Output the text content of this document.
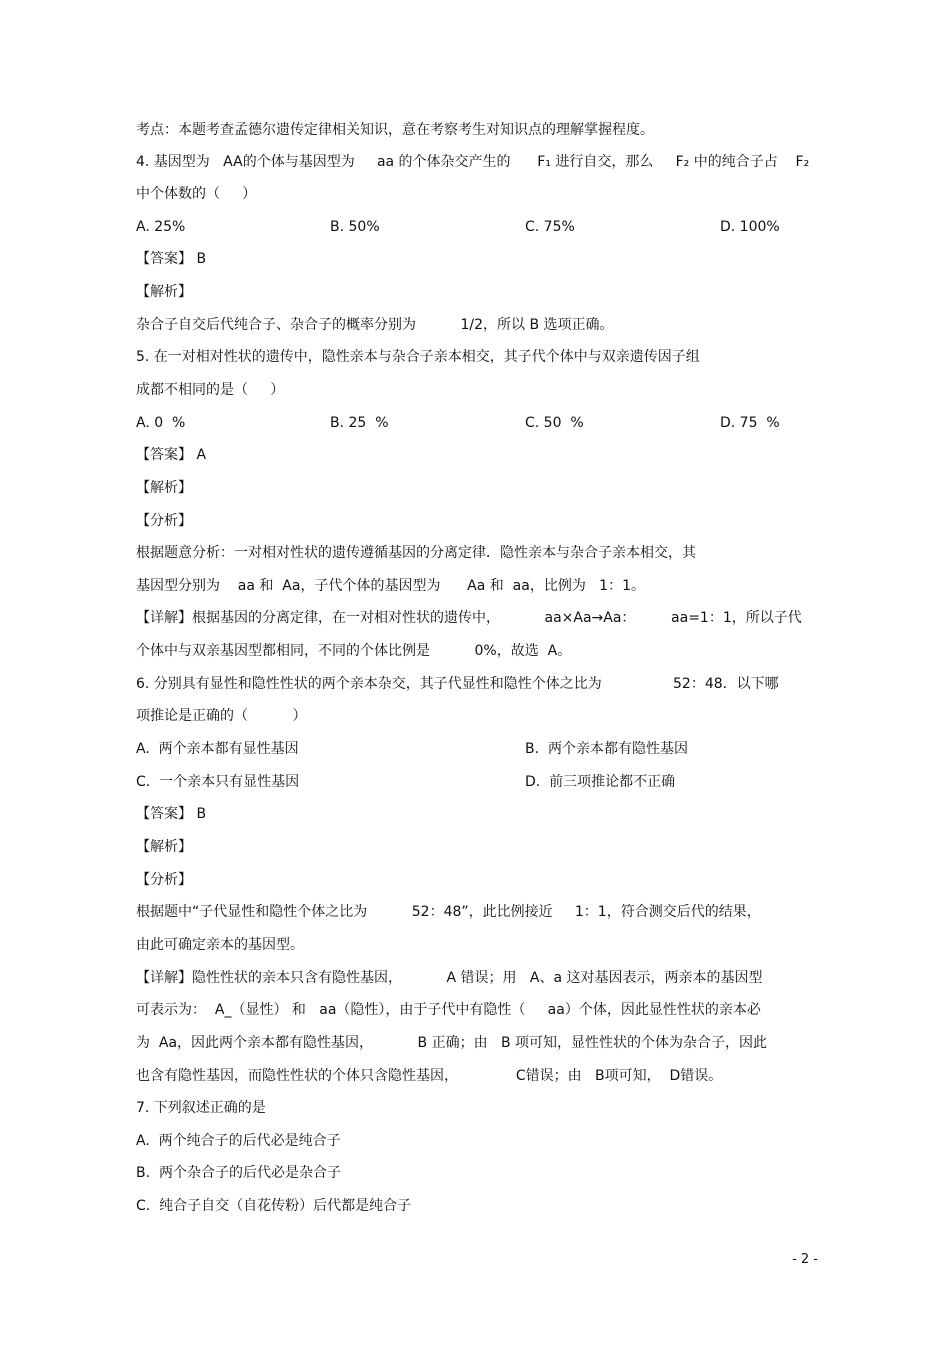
考点：本题考查孟德尔遗传定律相关知识，意在考察考生对知识点的理解掌握程度。
4. 基因型为   AA的个体与基因型为     aa 的个体杂交产生的      F₁ 进行自交，那么     F₂ 中的纯合子占    F₂
中个体数的（     ）
A. 25%	B. 50%	C. 75%	D. 100%
【答案】 B
【解析】
杂合子自交后代纯合子、杂合子的概率分别为          1/2，所以 B 选项正确。
5. 在一对相对性状的遗传中，隐性亲本与杂合子亲本相交，其子代个体中与双亲遗传因子组
成都不相同的是（     ）
A. 0  %	B. 25  %	C. 50  %	D. 75  %
【答案】 A
【解析】
【分析】
根据题意分析：一对相对性状的遗传遵循基因的分离定律．隐性亲本与杂合子亲本相交，其
基因型分别为    aa 和  Aa，子代个体的基因型为      Aa 和  aa，比例为   1：1。
【详解】根据基因的分离定律，在一对相对性状的遗传中，          aa×Aa→Aa：        aa=1：1，所以子代
个体中与双亲基因型都相同，不同的个体比例是          0%，故选  A。
6. 分别具有显性和隐性性状的两个亲本杂交，其子代显性和隐性个体之比为                52：48．以下哪
项推论是正确的（          ）
A.  两个亲本都有显性基因	B.  两个亲本都有隐性基因
C.  一个亲本只有显性基因	D.  前三项推论都不正确
【答案】 B
【解析】
【分析】
根据题中“子代显性和隐性个体之比为          52：48”，此比例接近     1：1，符合测交后代的结果，
由此可确定亲本的基因型。
【详解】隐性性状的亲本只含有隐性基因，          A 错误；用   A、a 这对基因表示，两亲本的基因型
可表示为：  A_（显性） 和   aa（隐性），由于子代中有隐性（     aa）个体，因此显性性状的亲本必
为  Aa，因此两个亲本都有隐性基因，          B 正确；由   B 项可知，显性性状的个体为杂合子，因此
也含有隐性基因，而隐性性状的个体只含隐性基因，             C错误；由   B项可知，  D错误。
7. 下列叙述正确的是
A.  两个纯合子的后代必是纯合子
B.  两个杂合子的后代必是杂合子
C.  纯合子自交（自花传粉）后代都是纯合子
- 2 -
